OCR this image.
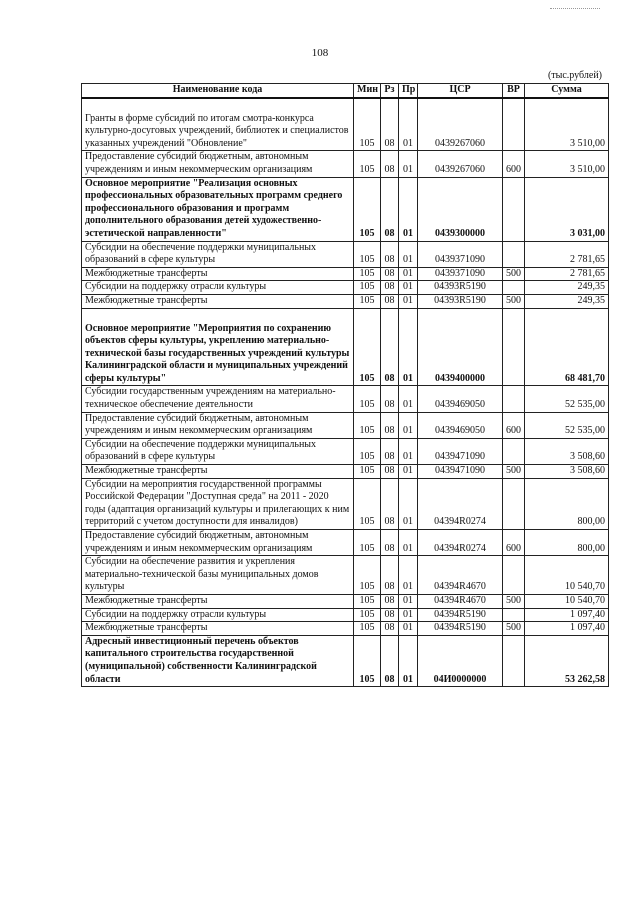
108
(тыс.рублей)
Наименование кода	Мин	Рз	Пр	ЦСР	ВР	Сумма
Гранты в форме субсидий по итогам смотра-конкурса культурно-досуговых учреждений, библиотек и специалистов указанных учреждений "Обновление"	105	08	01	0439267060		3 510,00
Предоставление субсидий бюджетным, автономным учреждениям и иным некоммерческим организациям	105	08	01	0439267060	600	3 510,00
Основное мероприятие "Реализация основных профессиональных образовательных программ среднего профессионального образования и программ дополнительного образования детей художественно-эстетической направленности"	105	08	01	0439300000		3 031,00
Субсидии на обеспечение поддержки муниципальных образований в сфере культуры	105	08	01	0439371090		2 781,65
Межбюджетные трансферты	105	08	01	0439371090	500	2 781,65
Субсидии на поддержку отрасли культуры	105	08	01	04393R5190		249,35
Межбюджетные трансферты	105	08	01	04393R5190	500	249,35
Основное мероприятие "Мероприятия по сохранению объектов сферы культуры, укреплению материально-технической базы государственных учреждений культуры Калининградской области и муниципальных учреждений сферы культуры"	105	08	01	0439400000		68 481,70
Субсидии государственным учреждениям на материально-техническое обеспечение деятельности	105	08	01	0439469050		52 535,00
Предоставление субсидий бюджетным, автономным учреждениям и иным некоммерческим организациям	105	08	01	0439469050	600	52 535,00
Субсидии на обеспечение поддержки муниципальных образований в сфере культуры	105	08	01	0439471090		3 508,60
Межбюджетные трансферты	105	08	01	0439471090	500	3 508,60
Субсидии на мероприятия государственной программы Российской Федерации "Доступная среда" на 2011 - 2020 годы (адаптация организаций культуры и прилегающих к ним территорий с учетом доступности для инвалидов)	105	08	01	04394R0274		800,00
Предоставление субсидий бюджетным, автономным учреждениям и иным некоммерческим организациям	105	08	01	04394R0274	600	800,00
Субсидии на обеспечение развития и укрепления материально-технической базы муниципальных домов культуры	105	08	01	04394R4670		10 540,70
Межбюджетные трансферты	105	08	01	04394R4670	500	10 540,70
Субсидии на поддержку отрасли культуры	105	08	01	04394R5190		1 097,40
Межбюджетные трансферты	105	08	01	04394R5190	500	1 097,40
Адресный инвестиционный перечень объектов капитального строительства государственной (муниципальной) собственности Калининградской области	105	08	01	04И0000000		53 262,58
